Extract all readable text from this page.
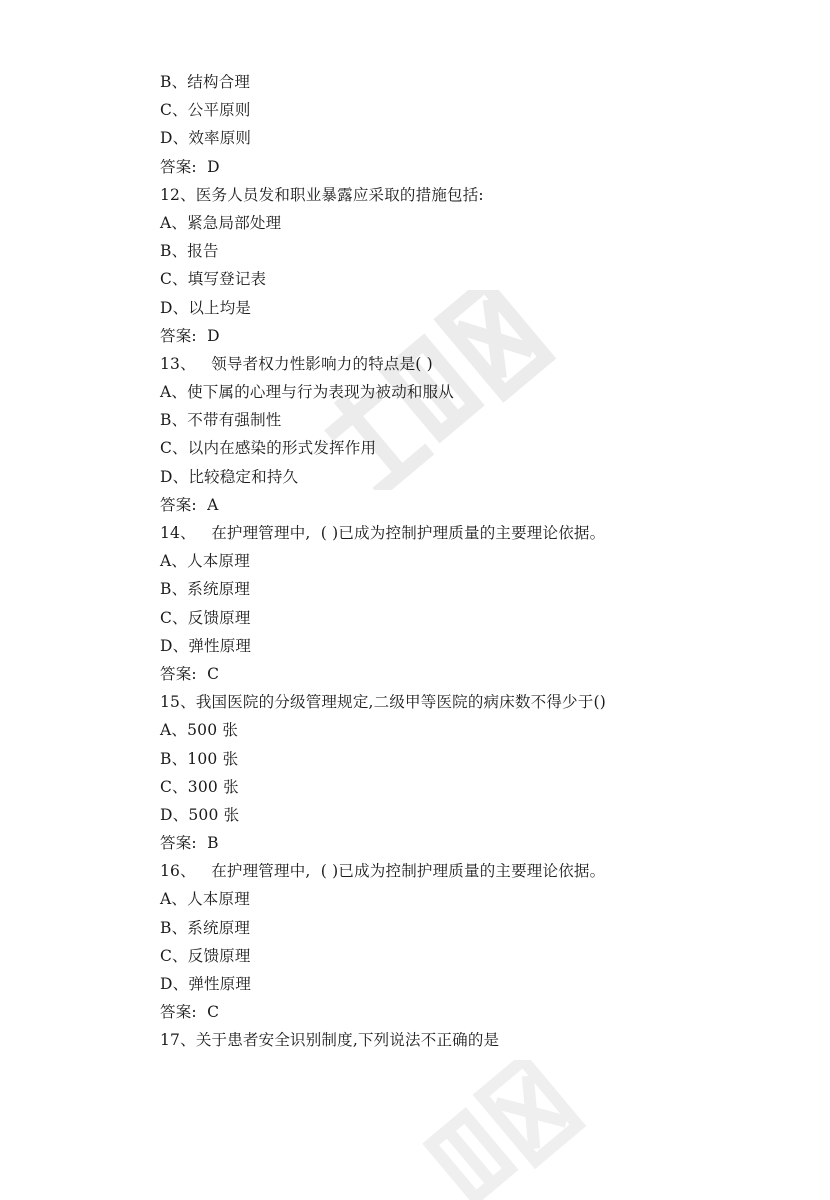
B、结构合理
C、公平原则
D、效率原则
答案:  D
12、医务人员发和职业暴露应采取的措施包括:
A、紧急局部处理
B、报告
C、填写登记表
D、以上均是
答案:  D
13、   领导者权力性影响力的特点是( )
A、使下属的心理与行为表现为被动和服从
B、不带有强制性
C、以内在感染的形式发挥作用
D、比较稳定和持久
答案:  A
14、   在护理管理中,  ( )已成为控制护理质量的主要理论依据。
A、人本原理
B、系统原理
C、反馈原理
D、弹性原理
答案:  C
15、我国医院的分级管理规定,二级甲等医院的病床数不得少于()
A、500 张
B、100 张
C、300 张
D、500 张
答案:  B
16、   在护理管理中,  ( )已成为控制护理质量的主要理论依据。
A、人本原理
B、系统原理
C、反馈原理
D、弹性原理
答案:  C
17、关于患者安全识别制度,下列说法不正确的是
